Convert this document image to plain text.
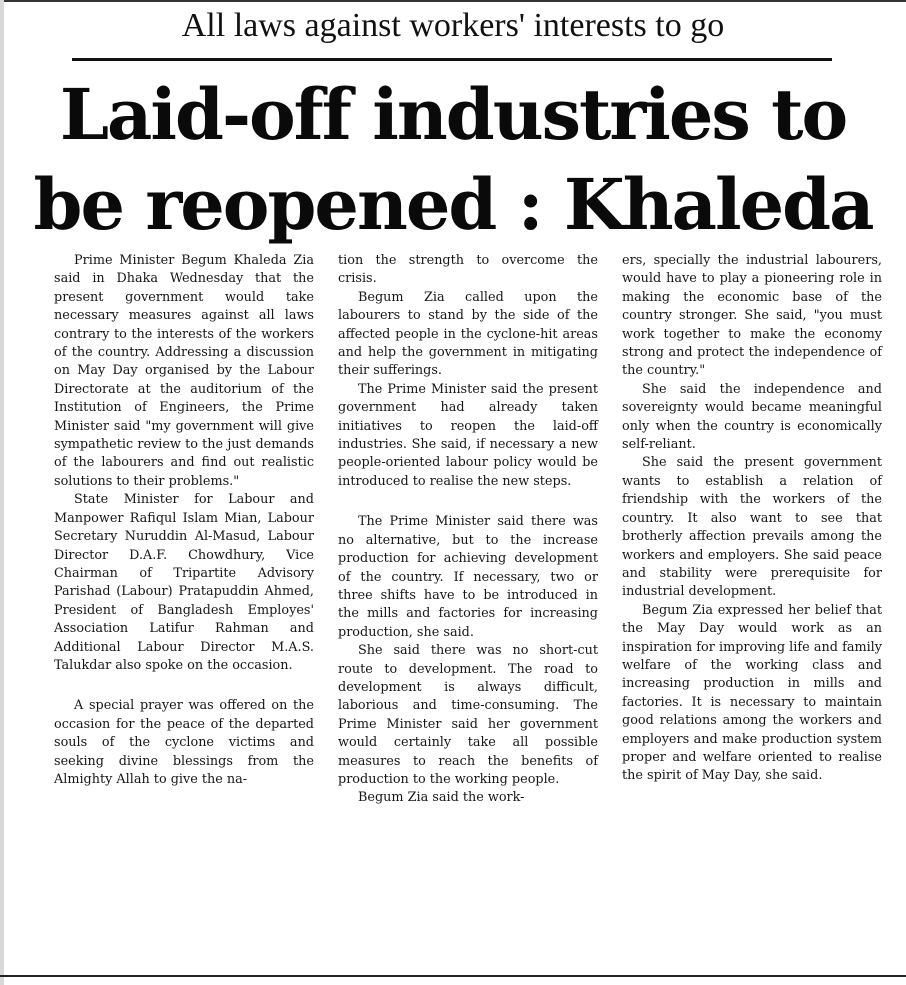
All laws against workers' interests to go
Laid-off industries to
be reopened : Khaleda

Prime Minister Begum Khaleda Zia said in Dhaka Wednesday that the present government would take necessary measures against all laws contrary to the interests of the workers of the country. Addressing a discussion on May Day organised by the Labour Directorate at the auditorium of the Institution of Engineers, the Prime Minister said "my government will give sympathetic review to the just demands of the labourers and find out realistic solutions to their problems."

State Minister for Labour and Manpower Rafiqul Islam Mian, Labour Secretary Nuruddin Al-Masud, Labour Director D.A.F. Chowdhury, Vice Chairman of Tripartite Advisory Parishad (Labour) Pratapuddin Ahmed, President of Bangladesh Employes' Association Latifur Rahman and Additional Labour Director M.A.S. Talukdar also spoke on the occasion.

A special prayer was offered on the occasion for the peace of the departed souls of the cyclone victims and seeking divine blessings from the Almighty Allah to give the na-

tion the strength to overcome the crisis.

Begum Zia called upon the labourers to stand by the side of the affected people in the cyclone-hit areas and help the government in mitigating their sufferings.

The Prime Minister said the present government had already taken initiatives to reopen the laid-off industries. She said, if necessary a new people-oriented labour policy would be introduced to realise the new steps.

The Prime Minister said there was no alternative, but to the increase production for achieving development of the country. If necessary, two or three shifts have to be introduced in the mills and factories for increasing production, she said.

She said there was no short-cut route to development. The road to development is always difficult, laborious and time-consuming. The Prime Minister said her government would certainly take all possible measures to reach the benefits of production to the working people.

Begum Zia said the work-

ers, specially the industrial labourers, would have to play a pioneering role in making the economic base of the country stronger. She said, "you must work together to make the economy strong and protect the independence of the country."

She said the independence and sovereignty would became meaningful only when the country is economically self-reliant.

She said the present government wants to establish a relation of friendship with the workers of the country. It also want to see that brotherly affection prevails among the workers and employers. She said peace and stability were prerequisite for industrial development.

Begum Zia expressed her belief that the May Day would work as an inspiration for improving life and family welfare of the working class and increasing production in mills and factories. It is necessary to maintain good relations among the workers and employers and make production system proper and welfare oriented to realise the spirit of May Day, she said.
